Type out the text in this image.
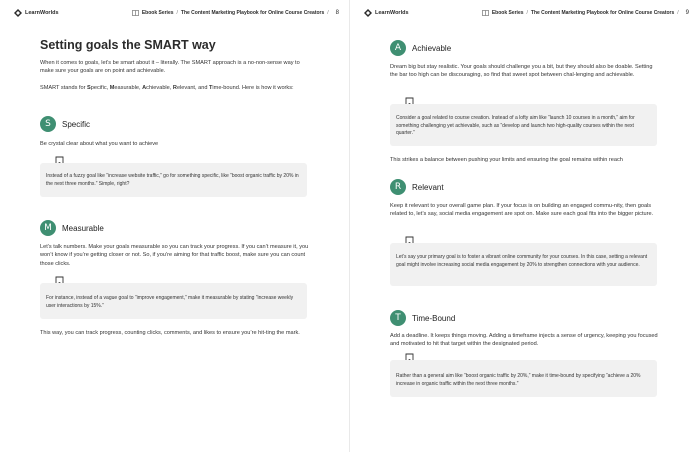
LearnWorlds	Ebook Series / The Content Marketing Playbook for Online Course Creators / 8
Setting goals the SMART way

When it comes to goals, let’s be smart about it – literally. The SMART approach is a no-non-sense way to make sure your goals are on point and achievable.

SMART stands for Specific, Measurable, Achievable, Relevant, and Time-bound. Here is how it works:

S	Specific

Be crystal clear about what you want to achieve

Instead of a fuzzy goal like “increase website traffic,” go for something specific, like “boost organic traffic by 20% in the next three months.” Simple, right?

M	Measurable

Let’s talk numbers. Make your goals measurable so you can track your progress. If you can’t measure it, you won’t know if you’re getting closer or not. So, if you’re aiming for that traffic boost, make sure you can count those clicks.

For instance, instead of a vague goal to “improve engagement,” make it measurable by stating “increase weekly user interactions by 15%.”

This way, you can track progress, counting clicks, comments, and likes to ensure you’re hit-ting the mark.

LearnWorlds	Ebook Series / The Content Marketing Playbook for Online Course Creators / 9
A	Achievable

Dream big but stay realistic. Your goals should challenge you a bit, but they should also be doable. Setting the bar too high can be discouraging, so find that sweet spot between chal-lenging and achievable.

Consider a goal related to course creation. Instead of a lofty aim like “launch 10 courses in a month,” aim for something challenging yet achievable, such as “develop and launch two high-quality courses within the next quarter.”

This strikes a balance between pushing your limits and ensuring the goal remains within reach

R	Relevant

Keep it relevant to your overall game plan. If your focus is on building an engaged commu-nity, then goals related to, let’s say, social media engagement are spot on. Make sure each goal fits into the bigger picture.

Let’s say your primary goal is to foster a vibrant online community for your courses. In this case, setting a relevant goal might involve increasing social media engagement by 20% to strengthen connections with your audience.

T	Time-Bound

Add a deadline. It keeps things moving. Adding a timeframe injects a sense of urgency, keeping you focused and motivated to hit that target within the designated period.

Rather than a general aim like “boost organic traffic by 20%,” make it time-bound by specifying “achieve a 20% increase in organic traffic within the next three months.”
